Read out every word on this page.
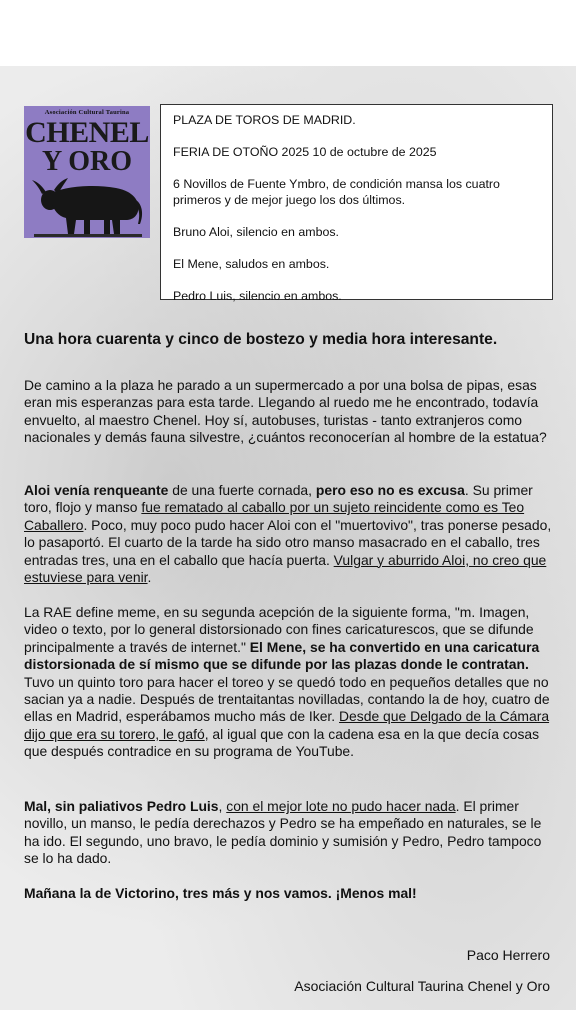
Asociación Cultural Taurina
CHENEL
Y ORO

PLAZA DE TOROS DE MADRID.

FERIA DE OTOÑO 2025 10 de octubre de 2025

6 Novillos de Fuente Ymbro, de condición mansa los cuatro primeros y de mejor juego los dos últimos.

Bruno Aloi, silencio en ambos.

El Mene, saludos en ambos.

Pedro Luis, silencio en ambos.

Una hora cuarenta y cinco de bostezo y media hora interesante.
De camino a la plaza he parado a un supermercado a por una bolsa de pipas, esas eran mis esperanzas para esta tarde. Llegando al ruedo me he encontrado, todavía envuelto, al maestro Chenel. Hoy sí, autobuses, turistas - tanto extranjeros como nacionales y demás fauna silvestre, ¿cuántos reconocerían al hombre de la estatua?
Aloi venía renqueante de una fuerte cornada, pero eso no es excusa. Su primer toro, flojo y manso fue rematado al caballo por un sujeto reincidente como es Teo Caballero. Poco, muy poco pudo hacer Aloi con el "muertovivo", tras ponerse pesado, lo pasaportó. El cuarto de la tarde ha sido otro manso masacrado en el caballo, tres entradas tres, una en el caballo que hacía puerta. Vulgar y aburrido Aloi, no creo que estuviese para venir.
La RAE define meme, en su segunda acepción de la siguiente forma, "m. Imagen, video o texto, por lo general distorsionado con fines caricaturescos, que se difunde principalmente a través de internet." El Mene, se ha convertido en una caricatura distorsionada de sí mismo que se difunde por las plazas donde le contratan. Tuvo un quinto toro para hacer el toreo y se quedó todo en pequeños detalles que no sacian ya a nadie. Después de trentaitantas novilladas, contando la de hoy, cuatro de ellas en Madrid, esperábamos mucho más de Iker. Desde que Delgado de la Cámara dijo que era su torero, le gafó, al igual que con la cadena esa en la que decía cosas que después contradice en su programa de YouTube.
Mal, sin paliativos Pedro Luis, con el mejor lote no pudo hacer nada. El primer novillo, un manso, le pedía derechazos y Pedro se ha empeñado en naturales, se le ha ido. El segundo, uno bravo, le pedía dominio y sumisión y Pedro, Pedro tampoco se lo ha dado.
Mañana la de Victorino, tres más y nos vamos. ¡Menos mal!
Paco Herrero
Asociación Cultural Taurina Chenel y Oro
